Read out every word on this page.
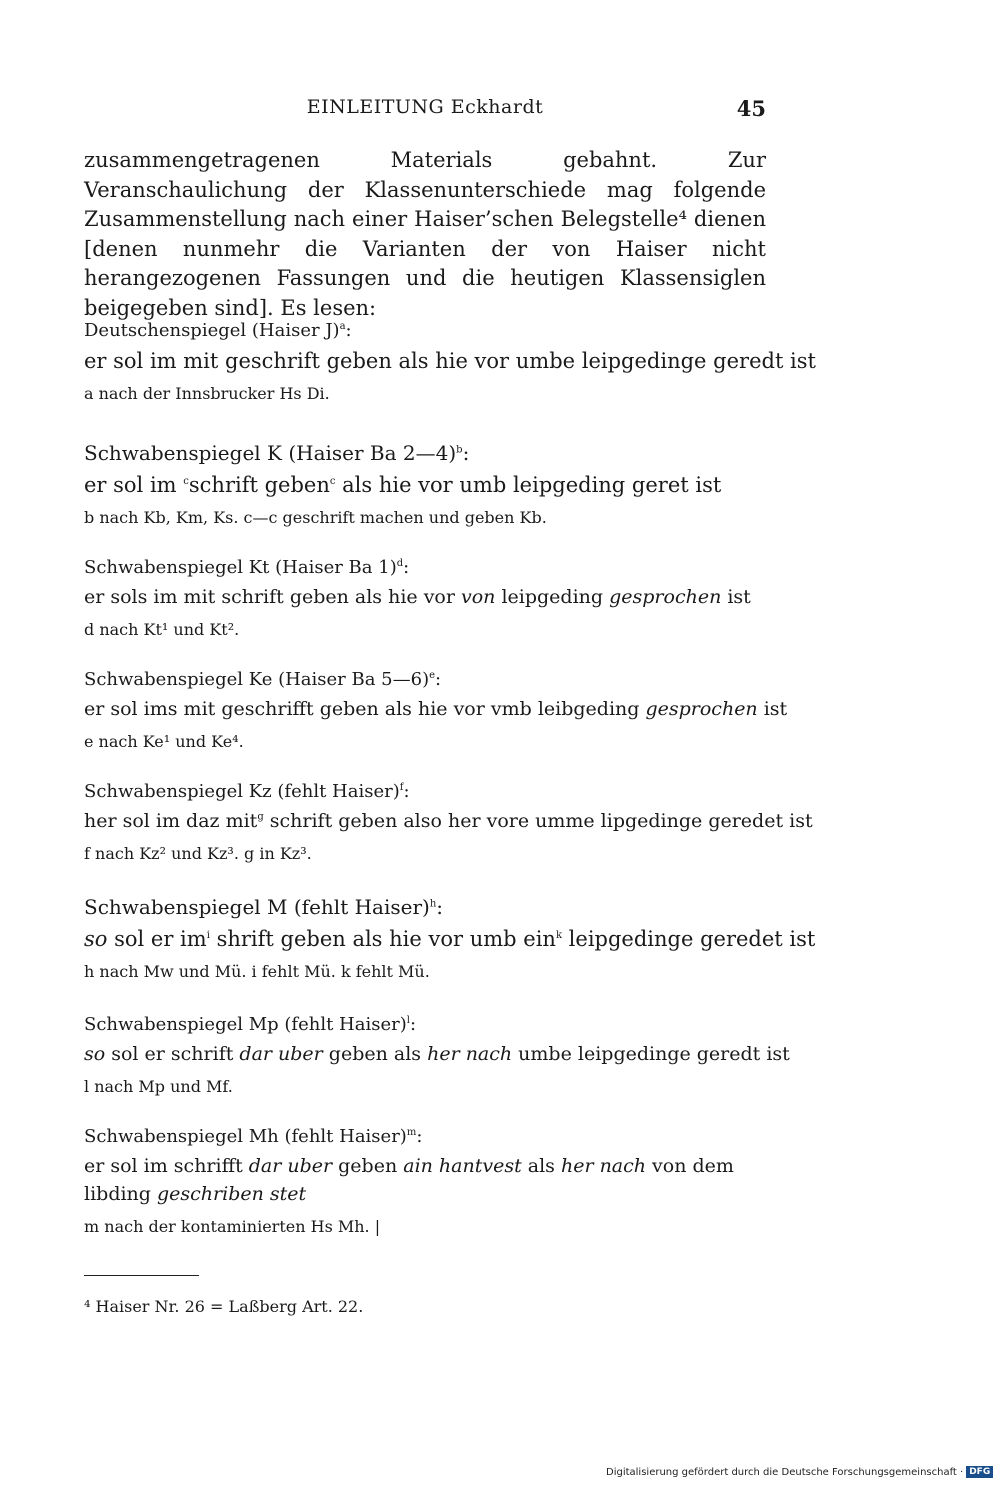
EINLEITUNG Eckhardt	45

zusammengetragenen Materials gebahnt. Zur Veranschaulichung der Klassenunterschiede mag folgende Zusammenstellung nach einer Haiser’schen Belegstelle⁴ dienen [denen nunmehr die Varianten der von Haiser nicht herangezogenen Fassungen und die heutigen Klassensiglen beigegeben sind]. Es lesen:

Deutschenspiegel (Haiser J)$^a$:

er sol im mit geschrift geben als hie vor umbe leipgedinge geredt ist

a nach der Innsbrucker Hs Di.

Schwabenspiegel K (Haiser Ba 2—4)$^b$:

er sol im $^c$schrift geben$^c$ als hie vor umb leipgeding geret ist

b nach Kb, Km, Ks. c—c geschrift machen und geben Kb.

Schwabenspiegel Kt (Haiser Ba 1)$^d$:

er sols im mit schrift geben als hie vor von leipgeding gesprochen ist

d nach Kt¹ und Kt².

Schwabenspiegel Ke (Haiser Ba 5—6)$^e$:

er sol ims mit geschrifft geben als hie vor vmb leibgeding gesprochen ist

e nach Ke¹ und Ke⁴.

Schwabenspiegel Kz (fehlt Haiser)$^f$:

her sol im daz mit$^g$ schrift geben also her vore umme lipgedinge geredet ist

f nach Kz² und Kz³. g in Kz³.

Schwabenspiegel M (fehlt Haiser)$^h$:

so sol er $im^i$ shrift geben als hie vor umb ein$^k$ leipgedinge geredet ist

h nach Mw und Mü. i fehlt Mü. k fehlt Mü.

Schwabenspiegel Mp (fehlt Haiser)$^l$:

so sol er schrift dar uber geben als her nach umbe leipgedinge geredt ist

l nach Mp und Mf.

Schwabenspiegel Mh (fehlt Haiser)$^m$:

er sol im schrifft dar uber geben ain hantvest als her nach von dem libding geschriben stet

m nach der kontaminierten Hs Mh. |

⁴ Haiser Nr. 26 = Laßberg Art. 22.

Digitalisierung gefördert durch die Deutsche Forschungsgemeinschaft · DFG
